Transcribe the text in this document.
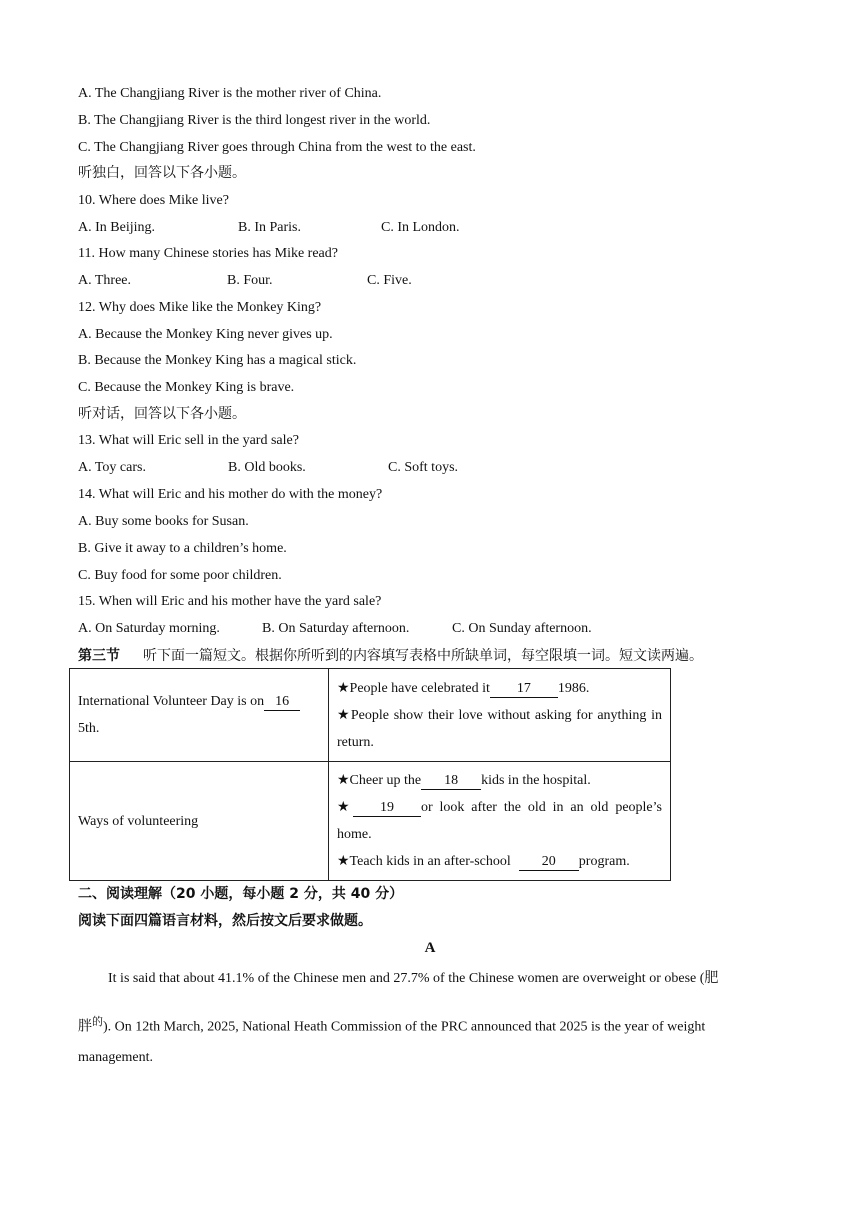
A. The Changjiang River is the mother river of China.
B. The Changjiang River is the third longest river in the world.
C. The Changjiang River goes through China from the west to the east.
听独白，回答以下各小题。
10. Where does Mike live?
A. In Beijing.	B. In Paris.	C. In London.
11. How many Chinese stories has Mike read?
A. Three.	B. Four.	C. Five.
12. Why does Mike like the Monkey King?
A. Because the Monkey King never gives up.
B. Because the Monkey King has a magical stick.
C. Because the Monkey King is brave.
听对话，回答以下各小题。
13. What will Eric sell in the yard sale?
A. Toy cars.	B. Old books.	C. Soft toys.
14. What will Eric and his mother do with the money?
A. Buy some books for Susan.
B. Give it away to a children’s home.
C. Buy food for some poor children.
15. When will Eric and his mother have the yard sale?
A. On Saturday morning.	B. On Saturday afternoon.	C. On Sunday afternoon.
第三节 听下面一篇短文。根据你所听到的内容填写表格中所缺单词，每空限填一词。短文读两遍。
International Volunteer Day is on 16
5th.	★People have celebrated it 17 1986.
★People show their love without asking for anything in return.

Ways of volunteering	★Cheer up the 18 kids in the hospital.
★ 19 or look after the old in an old people’s home.
★Teach kids in an after-school 20 program.
二、阅读理解（20 小题，每小题 2 分，共 40 分）
阅读下面四篇语言材料，然后按文后要求做题。
A
It is said that about 41.1% of the Chinese men and 27.7% of the Chinese women are overweight or obese (肥
胖$^的$). On 12th March, 2025, National Heath Commission of the PRC announced that 2025 is the year of weight
management.
